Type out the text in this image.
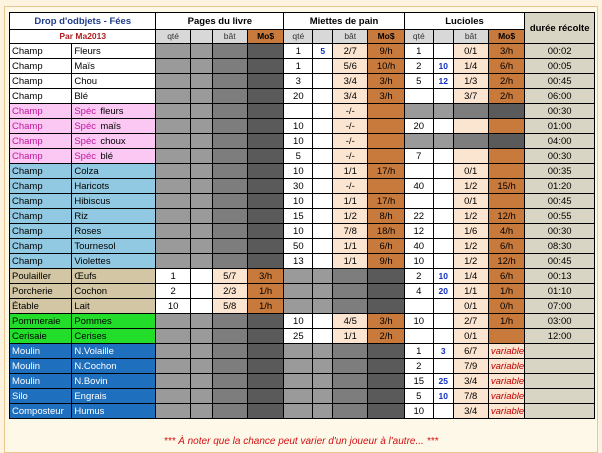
Drop d'odbjets - Fées		Pages du livre				Miettes de pain				Lucioles				durée récolte
Par Ma2013		qté		bât	Mo$	qté		bât	Mo$	qté		bât	Mo$	
Champ	Fleurs					1	5	2/7	9/h	1		0/1	3/h	00:02
Champ	Maïs					1		5/6	10/h	2	10	1/4	6/h	00:05
Champ	Chou					3		3/4	3/h	5	12	1/3	2/h	00:45
Champ	Blé					20		3/4	3/h			3/7	2/h	06:00
Champ	Spéc fleurs							-/-						00:30
Champ	Spéc maïs					10		-/-		20				01:00
Champ	Spéc choux					10		-/-						04:00
Champ	Spéc blé					5		-/-		7				00:30
Champ	Colza					10		1/1	17/h			0/1		00:35
Champ	Haricots					30		-/-		40		1/2	15/h	01:20
Champ	Hibiscus					10		1/1	17/h			0/1		00:45
Champ	Riz					15		1/2	8/h	22		1/2	12/h	00:55
Champ	Roses					10		7/8	18/h	12		1/6	4/h	00:30
Champ	Tournesol					50		1/1	6/h	40		1/2	6/h	08:30
Champ	Violettes					13		1/1	9/h	10		1/2	12/h	00:45
Poulailler	Œufs	1		5/7	3/h					2	10	1/4	6/h	00:13
Porcherie	Cochon	2		2/3	1/h					4	20	1/1	1/h	01:10
Étable	Lait	10		5/8	1/h							0/1	0/h	07:00
Pommeraie	Pommes					10		4/5	3/h	10		2/7	1/h	03:00
Cerisaie	Cerises					25		1/1	2/h			0/1		12:00
Moulin	N.Volaille									1	3	6/7	variable	
Moulin	N.Cochon									2		7/9	variable	
Moulin	N.Bovin									15	25	3/4	variable	
Silo	Engrais									5	10	7/8	variable	
Composteur	Humus									10		3/4	variable	
*** À noter que la chance peut varier d'un joueur à l'autre... ***
